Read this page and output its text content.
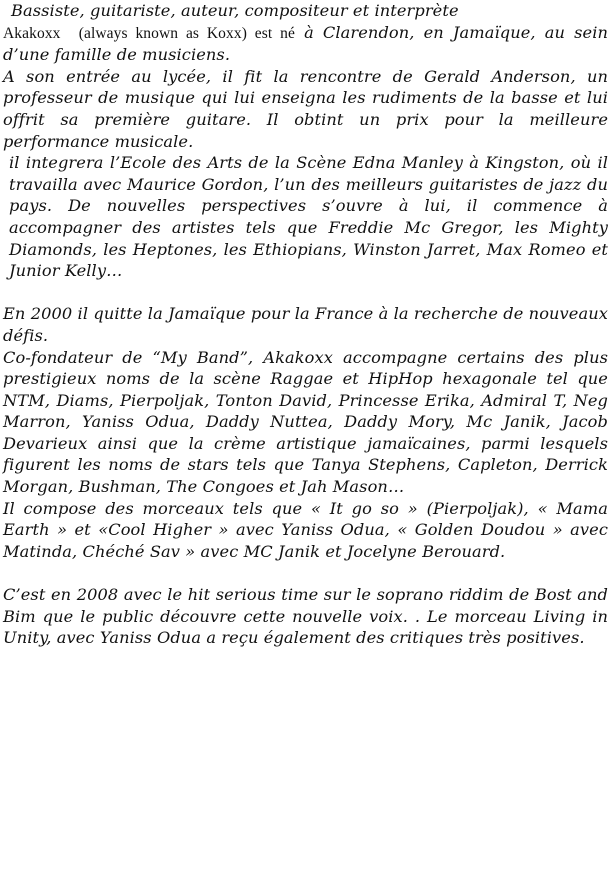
Bassiste, guitariste, auteur, compositeur et interprète

Akakoxx (always known as Koxx) est né à Clarendon, en Jamaïque, au sein d’une famille de musiciens.

A son entrée au lycée, il fit la rencontre de Gerald Anderson, un professeur de musique qui lui enseigna les rudiments de la basse et lui offrit sa première guitare. Il obtint un prix pour la meilleure performance musicale.

il integrera l’Ecole des Arts de la Scène Edna Manley à Kingston, où il travailla avec Maurice Gordon, l’un des meilleurs guitaristes de jazz du pays. De nouvelles perspectives s’ouvre à lui, il commence à accompagner des artistes tels que Freddie Mc Gregor, les Mighty Diamonds, les Heptones, les Ethiopians, Winston Jarret, Max Romeo et Junior Kelly…

En 2000 il quitte la Jamaïque pour la France à la recherche de nouveaux défis.

Co-fondateur de “My Band”, Akakoxx accompagne certains des plus prestigieux noms de la scène Raggae et HipHop hexagonale tel que NTM, Diams, Pierpoljak, Tonton David, Princesse Erika, Admiral T, Neg Marron, Yaniss Odua, Daddy Nuttea, Daddy Mory, Mc Janik, Jacob Devarieux ainsi que la crème artistique jamaïcaines, parmi lesquels figurent les noms de stars tels que Tanya Stephens, Capleton, Derrick Morgan, Bushman, The Congoes et Jah Mason…

Il compose des morceaux tels que « It go so » (Pierpoljak), « Mama Earth » et «Cool Higher » avec Yaniss Odua, « Golden Doudou » avec Matinda, Chéché Sav » avec MC Janik et Jocelyne Berouard.

C’est en 2008 avec le hit serious time sur le soprano riddim de Bost and Bim que le public découvre cette nouvelle voix. . Le morceau Living in Unity, avec Yaniss Odua a reçu également des critiques très positives.
